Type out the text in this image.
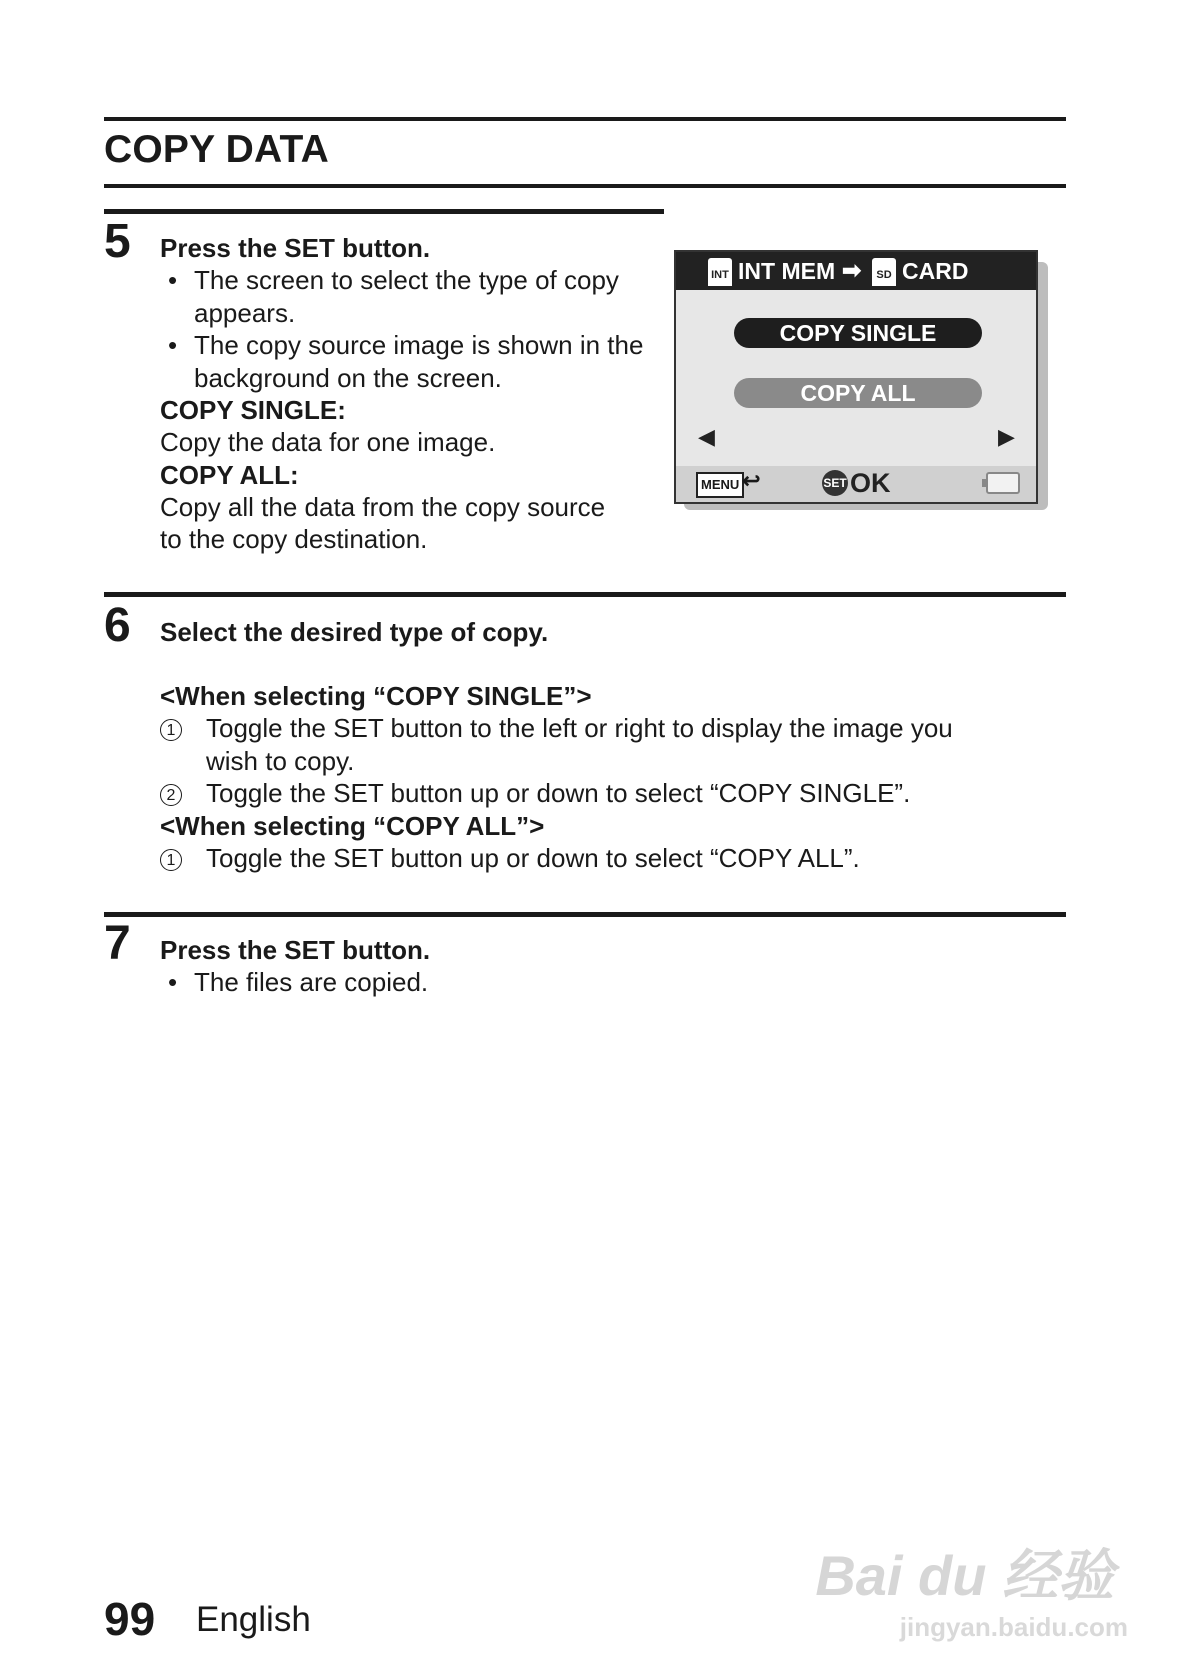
COPY DATA
5 Press the SET button.
• The screen to select the type of copy appears.
• The copy source image is shown in the background on the screen.
COPY SINGLE:
Copy the data for one image.
COPY ALL:
Copy all the data from the copy source
to the copy destination.
INT INT MEM ➡	SD CARD
COPY SINGLE
COPY ALL
◀	▶
MENU ↩	SET OK
6 Select the desired type of copy.
<When selecting “COPY SINGLE”>
1 Toggle the SET button to the left or right to display the image you
wish to copy.
2 Toggle the SET button up or down to select “COPY SINGLE”.
<When selecting “COPY ALL”>
1 Toggle the SET button up or down to select “COPY ALL”.
7 Press the SET button.
• The files are copied.
99 English
Bai du 经验
jingyan.baidu.com
